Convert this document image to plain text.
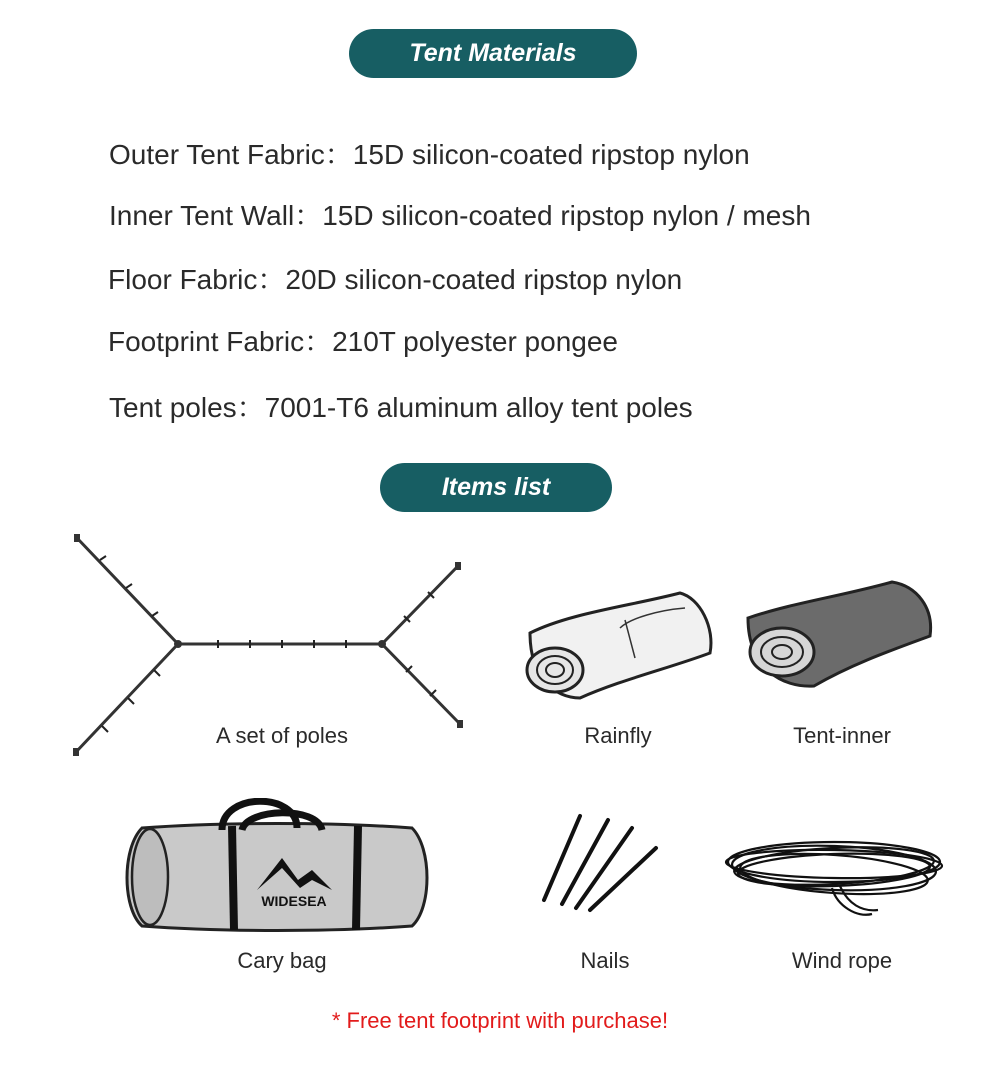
Tent Materials
Outer Tent Fabric：15D silicon-coated ripstop nylon
Inner Tent Wall：15D silicon-coated ripstop nylon / mesh
Floor Fabric：20D silicon-coated ripstop nylon
Footprint Fabric：210T polyester pongee
Tent poles：7001-T6 aluminum alloy tent poles
Items list
WIDESEA
A set of poles	Rainfly	Tent-inner
Cary bag	Nails	Wind rope
* Free tent footprint with purchase!
